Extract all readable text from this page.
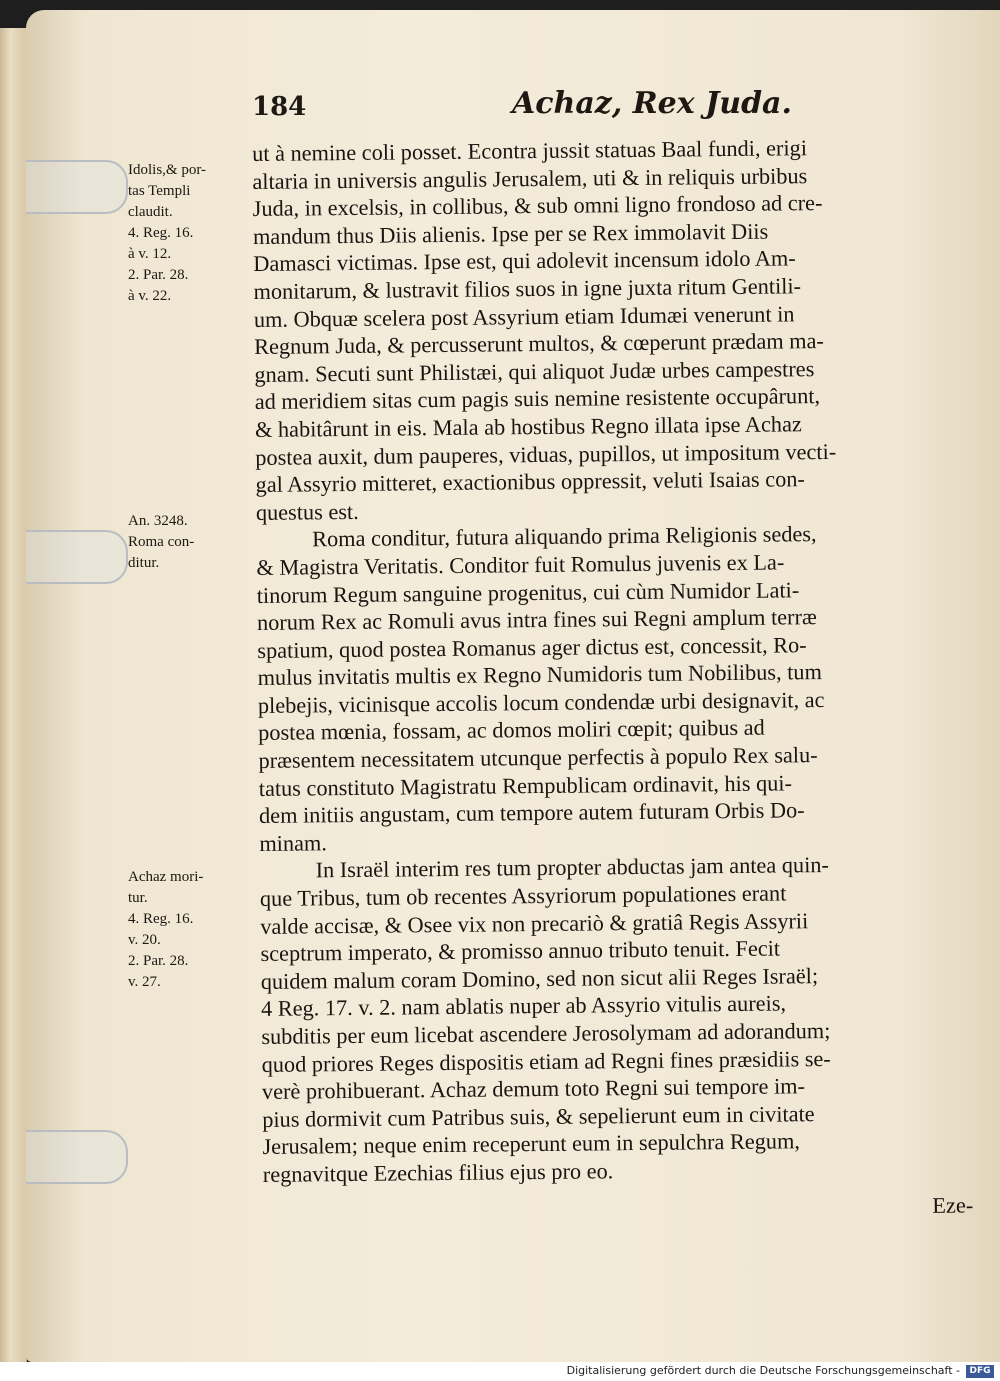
184	Achaz, Rex Juda.
Idolis,& por-
tas Templi
claudit.
4. Reg. 16.
à v. 12.
2. Par. 28.
à v. 22.
An. 3248.
Roma con-
ditur.
Achaz mori-
tur.
4. Reg. 16.
v. 20.
2. Par. 28.
v. 27.
ut à nemine coli posset. Econtra jussit statuas Baal fundi, erigi
altaria in universis angulis Jerusalem, uti & in reliquis urbibus
Juda, in excelsis, in collibus, & sub omni ligno frondoso ad cre-
mandum thus Diis alienis. Ipse per se Rex immolavit Diis
Damasci victimas. Ipse est, qui adolevit incensum idolo Am-
monitarum, & lustravit filios suos in igne juxta ritum Gentili-
um. Obquæ scelera post Assyrium etiam Idumæi venerunt in
Regnum Juda, & percusserunt multos, & cœperunt prædam ma-
gnam. Secuti sunt Philistæi, qui aliquot Judæ urbes campestres
ad meridiem sitas cum pagis suis nemine resistente occupârunt,
& habitârunt in eis. Mala ab hostibus Regno illata ipse Achaz
postea auxit, dum pauperes, viduas, pupillos, ut impositum vecti-
gal Assyrio mitteret, exactionibus oppressit, veluti Isaias con-
questus est.
Roma conditur, futura aliquando prima Religionis sedes,
& Magistra Veritatis. Conditor fuit Romulus juvenis ex La-
tinorum Regum sanguine progenitus, cui cùm Numidor Lati-
norum Rex ac Romuli avus intra fines sui Regni amplum terræ
spatium, quod postea Romanus ager dictus est, concessit, Ro-
mulus invitatis multis ex Regno Numidoris tum Nobilibus, tum
plebejis, vicinisque accolis locum condendæ urbi designavit, ac
postea mœnia, fossam, ac domos moliri cœpit; quibus ad
præsentem necessitatem utcunque perfectis à populo Rex salu-
tatus constituto Magistratu Rempublicam ordinavit, his qui-
dem initiis angustam, cum tempore autem futuram Orbis Do-
minam.
In Israël interim res tum propter abductas jam antea quin-
que Tribus, tum ob recentes Assyriorum populationes erant
valde accisæ, & Osee vix non precariò & gratiâ Regis Assyrii
sceptrum imperato, & promisso annuo tributo tenuit. Fecit
quidem malum coram Domino, sed non sicut alii Reges Israël;
4 Reg. 17. v. 2. nam ablatis nuper ab Assyrio vitulis aureis,
subditis per eum licebat ascendere Jerosolymam ad adorandum;
quod priores Reges dispositis etiam ad Regni fines præsidiis se-
verè prohibuerant. Achaz demum toto Regni sui tempore im-
pius dormivit cum Patribus suis, & sepelierunt eum in civitate
Jerusalem; neque enim receperunt eum in sepulchra Regum,
regnavitque Ezechias filius ejus pro eo.
Eze-
Digitalisierung gefördert durch die Deutsche Forschungsgemeinschaft -	DFG
